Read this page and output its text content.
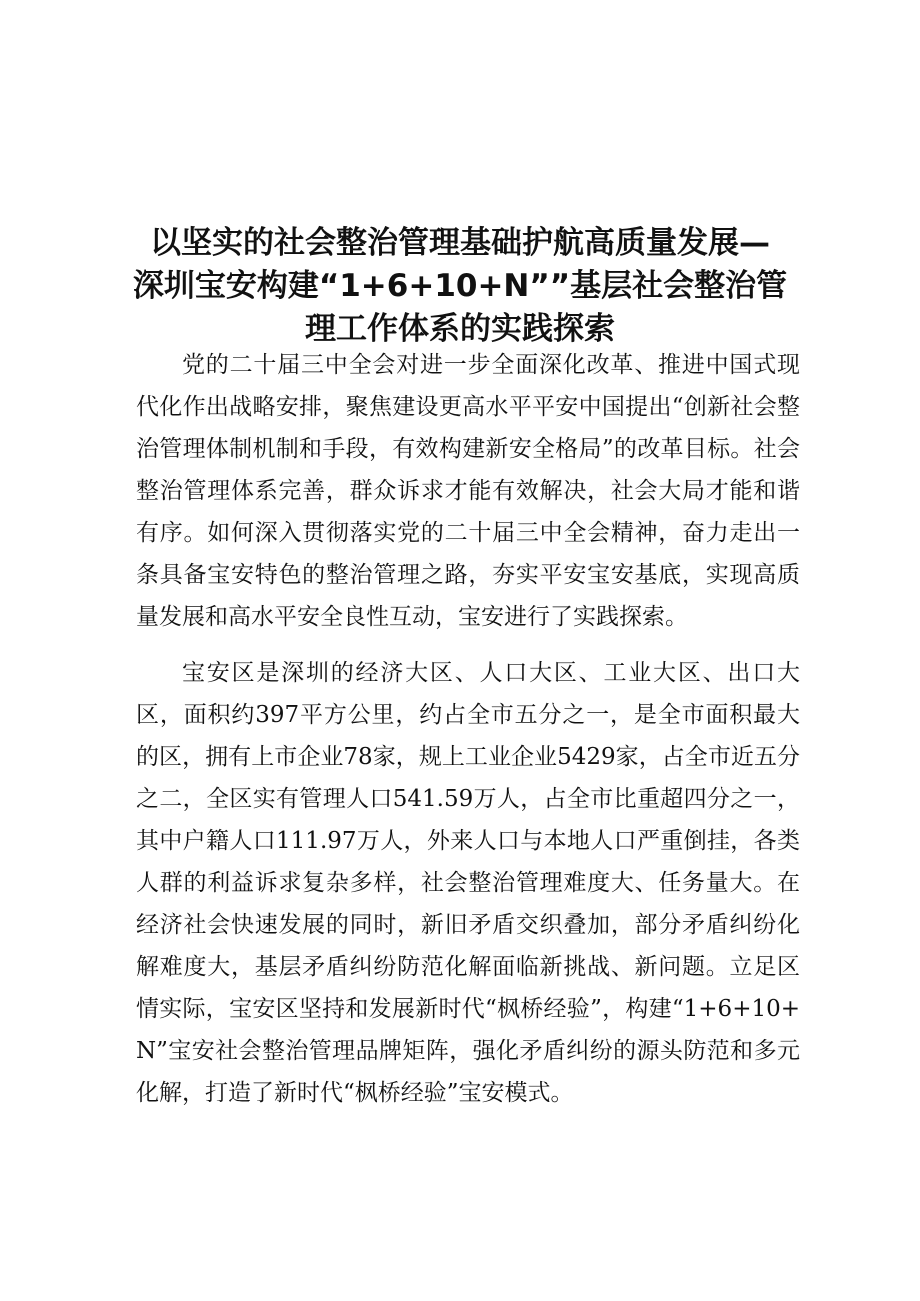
以坚实的社会整治管理基础护航高质量发展—
深圳宝安构建“1+6+10+N””基层社会整治管
理工作体系的实践探索

党的二十届三中全会对进一步全面深化改革、推进中国式现代化作出战略安排，聚焦建设更高水平平安中国提出“创新社会整治管理体制机制和手段，有效构建新安全格局”的改革目标。社会整治管理体系完善，群众诉求才能有效解决，社会大局才能和谐有序。如何深入贯彻落实党的二十届三中全会精神，奋力走出一条具备宝安特色的整治管理之路，夯实平安宝安基底，实现高质量发展和高水平安全良性互动，宝安进行了实践探索。

宝安区是深圳的经济大区、人口大区、工业大区、出口大区，面积约397平方公里，约占全市五分之一，是全市面积最大的区，拥有上市企业78家，规上工业企业5429家，占全市近五分之二，全区实有管理人口541.59万人，占全市比重超四分之一，其中户籍人口111.97万人，外来人口与本地人口严重倒挂，各类人群的利益诉求复杂多样，社会整治管理难度大、任务量大。在经济社会快速发展的同时，新旧矛盾交织叠加，部分矛盾纠纷化解难度大，基层矛盾纠纷防范化解面临新挑战、新问题。立足区情实际，宝安区坚持和发展新时代“枫桥经验”，构建“1+6+10+N”宝安社会整治管理品牌矩阵，强化矛盾纠纷的源头防范和多元化解，打造了新时代“枫桥经验”宝安模式。
